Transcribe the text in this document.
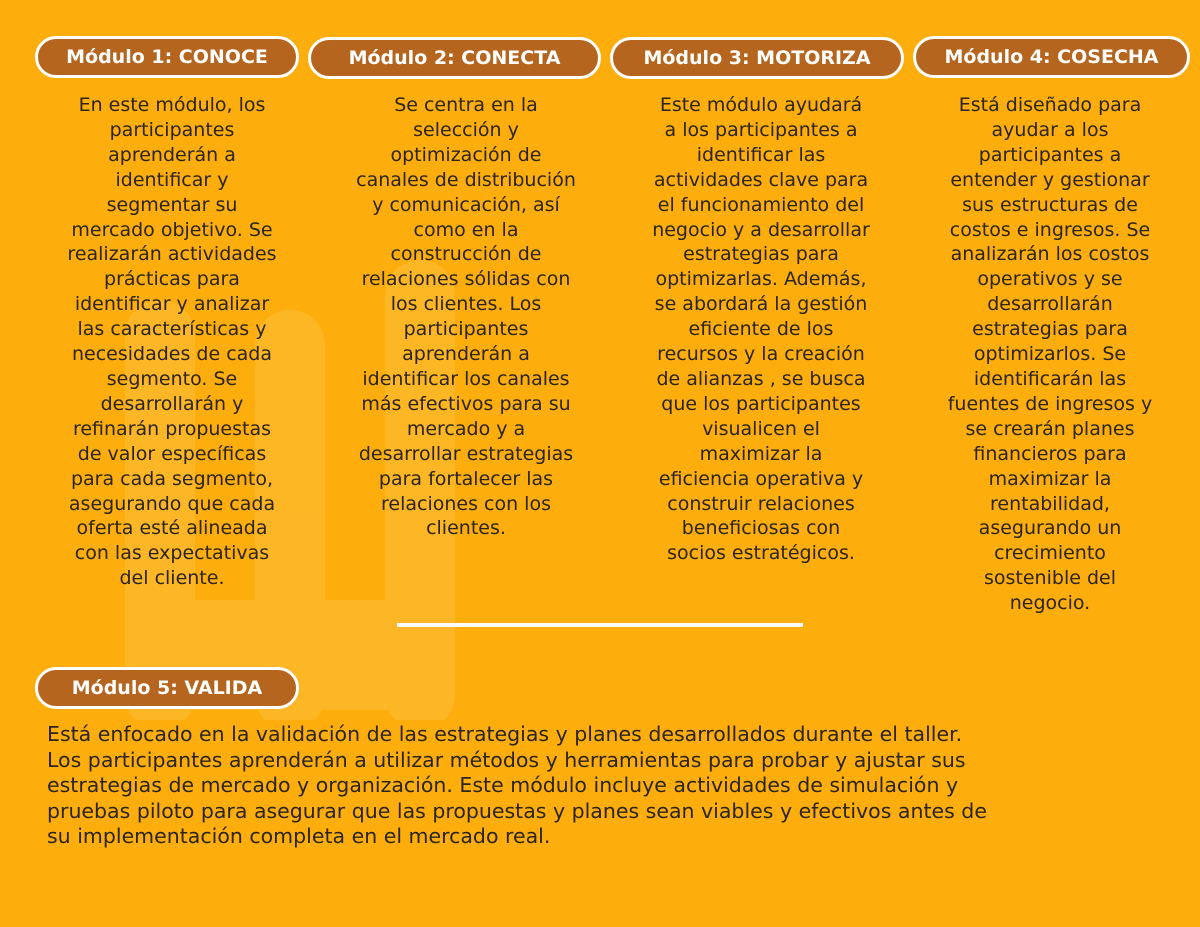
Módulo 1: CONOCE	Módulo 2: CONECTA	Módulo 3: MOTORIZA	Módulo 4: COSECHA
En este módulo, los
participantes
aprenderán a
identificar y
segmentar su
mercado objetivo. Se
realizarán actividades
prácticas para
identificar y analizar
las características y
necesidades de cada
segmento. Se
desarrollarán y
refinarán propuestas
de valor específicas
para cada segmento,
asegurando que cada
oferta esté alineada
con las expectativas
del cliente.
Se centra en la
selección y
optimización de
canales de distribución
y comunicación, así
como en la
construcción de
relaciones sólidas con
los clientes. Los
participantes
aprenderán a
identificar los canales
más efectivos para su
mercado y a
desarrollar estrategias
para fortalecer las
relaciones con los
clientes.
Este módulo ayudará
a los participantes a
identificar las
actividades clave para
el funcionamiento del
negocio y a desarrollar
estrategias para
optimizarlas. Además,
se abordará la gestión
eficiente de los
recursos y la creación
de alianzas , se busca
que los participantes
visualicen el
maximizar la
eficiencia operativa y
construir relaciones
beneficiosas con
socios estratégicos.
Está diseñado para
ayudar a los
participantes a
entender y gestionar
sus estructuras de
costos e ingresos. Se
analizarán los costos
operativos y se
desarrollarán
estrategias para
optimizarlos. Se
identificarán las
fuentes de ingresos y
se crearán planes
financieros para
maximizar la
rentabilidad,
asegurando un
crecimiento
sostenible del
negocio.
Módulo 5: VALIDA
Está enfocado en la validación de las estrategias y planes desarrollados durante el taller.
Los participantes aprenderán a utilizar métodos y herramientas para probar y ajustar sus
estrategias de mercado y organización. Este módulo incluye actividades de simulación y
pruebas piloto para asegurar que las propuestas y planes sean viables y efectivos antes de
su implementación completa en el mercado real.
